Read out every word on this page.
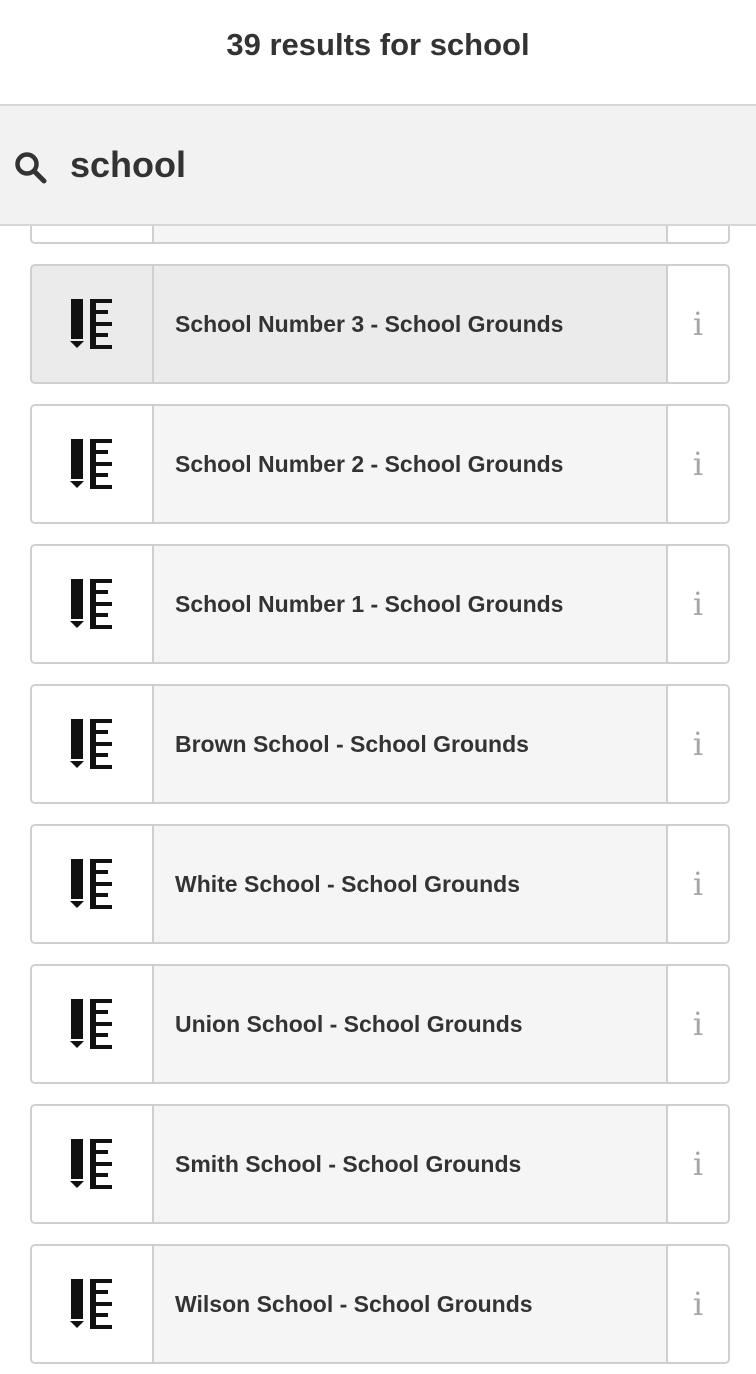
School Number 3 - School Grounds	i
School Number 2 - School Grounds	i
School Number 1 - School Grounds	i
Brown School - School Grounds	i
White School - School Grounds	i
Union School - School Grounds	i
Smith School - School Grounds	i
Wilson School - School Grounds	i
39 results for school
school
